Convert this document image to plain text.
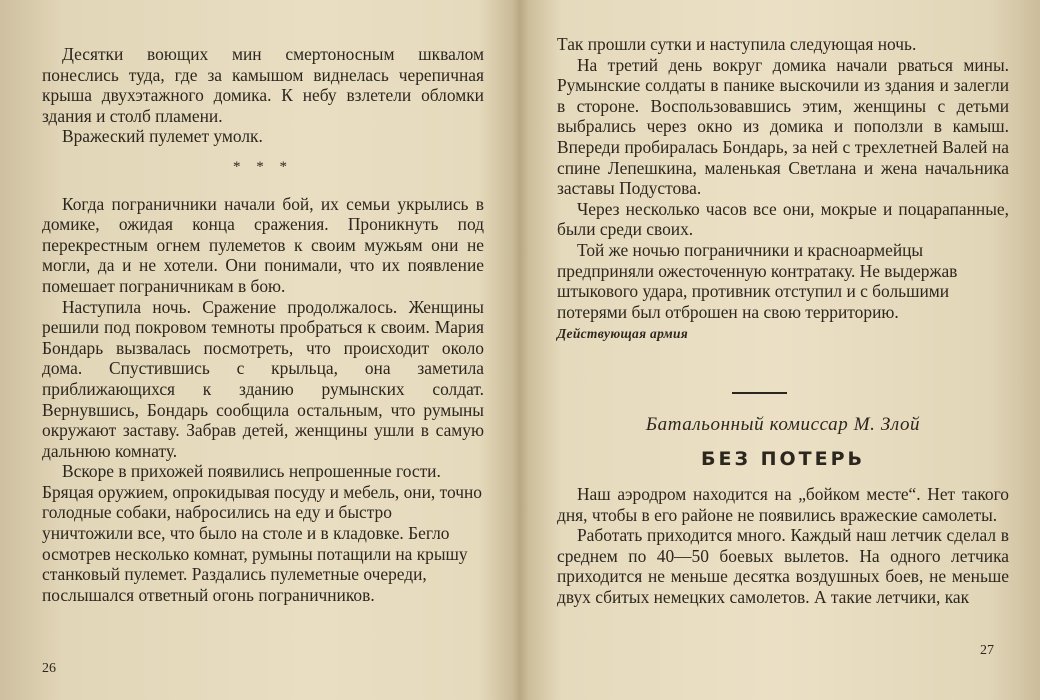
Десятки воющих мин смертоносным шквалом понеслись туда, где за камышом виднелась черепичная крыша двухэтажного домика. К небу взлетели обломки здания и столб пламени.

Вражеский пулемет умолк.

* * *

Когда пограничники начали бой, их семьи укрылись в домике, ожидая конца сражения. Проникнуть под перекрестным огнем пулеметов к своим мужьям они не могли, да и не хотели. Они понимали, что их появление помешает пограничникам в бою.

Наступила ночь. Сражение продолжалось. Женщины решили под покровом темноты пробраться к своим. Мария Бондарь вызвалась посмотреть, что происходит около дома. Спустившись с крыльца, она заметила приближающихся к зданию румынских солдат. Вернувшись, Бондарь сообщила остальным, что румыны окружают заставу. Забрав детей, женщины ушли в самую дальнюю комнату.

Вскоре в прихожей появились непрошенные гости. Бряцая оружием, опрокидывая посуду и мебель, они, точно голодные собаки, набросились на еду и быстро уничтожили все, что было на столе и в кладовке. Бегло осмотрев несколько комнат, румыны потащили на крышу станковый пулемет. Раздались пулеметные очереди, послышался ответный огонь пограничников.

26

Так прошли сутки и наступила следующая ночь.

На третий день вокруг домика начали рваться мины. Румынские солдаты в панике выскочили из здания и залегли в стороне. Воспользовавшись этим, женщины с детьми выбрались через окно из домика и поползли в камыш. Впереди пробиралась Бондарь, за ней с трехлетней Валей на спине Лепешкина, маленькая Светлана и жена начальника заставы Подустова.

Через несколько часов все они, мокрые и поцарапанные, были среди своих.

Той же ночью пограничники и красноармейцы предприняли ожесточенную контратаку. Не выдержав штыкового удара, противник отступил и с большими потерями был отброшен на свою территорию.

Действующая армия
Батальонный комиссар М. Злой
БЕЗ ПОТЕРЬ

Наш аэродром находится на „бойком месте“. Нет такого дня, чтобы в его районе не появились вражеские самолеты.

Работать приходится много. Каждый наш летчик сделал в среднем по 40—50 боевых вылетов. На одного летчика приходится не меньше десятка воздушных боев, не меньше двух сбитых немецких самолетов. А такие летчики, как

27
